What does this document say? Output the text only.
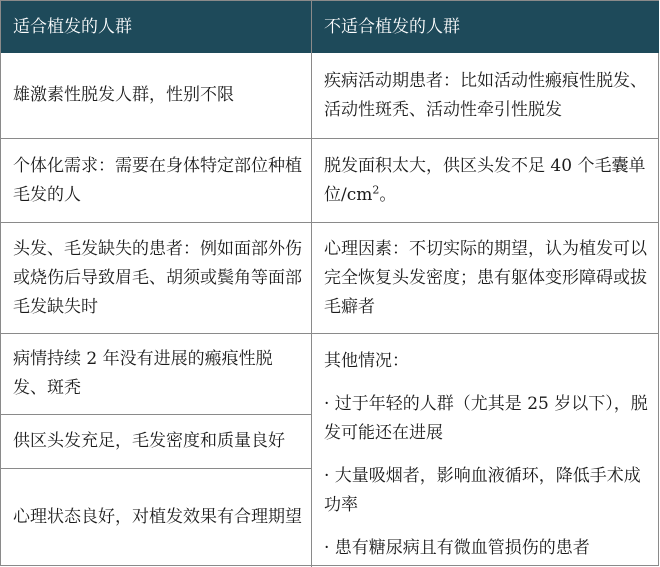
适合植发的人群	不适合植发的人群
雄激素性脱发人群，性别不限
个体化需求：需要在身体特定部位种植毛发的人
头发、毛发缺失的患者：例如面部外伤或烧伤后导致眉毛、胡须或鬓角等面部毛发缺失时
病情持续 2 年没有进展的瘢痕性脱发、斑秃
供区头发充足，毛发密度和质量良好
心理状态良好，对植发效果有合理期望
疾病活动期患者：比如活动性瘢痕性脱发、活动性斑秃、活动性牵引性脱发
脱发面积太大，供区头发不足 40 个毛囊单位$/cm^2$。
心理因素：不切实际的期望，认为植发可以完全恢复头发密度；患有躯体变形障碍或拔毛癖者
其他情况：
· 过于年轻的人群（尤其是 25 岁以下），脱发可能还在进展
· 大量吸烟者，影响血液循环，降低手术成功率
· 患有糖尿病且有微血管损伤的患者
